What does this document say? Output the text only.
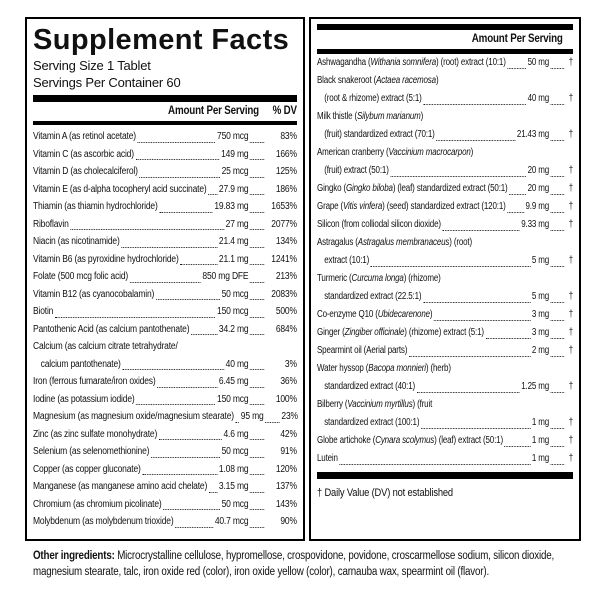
Supplement Facts
Serving Size 1 Tablet
Servings Per Container 60
Amount Per Serving % DV
Vitamin A (as retinol acetate)	750 mcg	83%
Vitamin C (as ascorbic acid)	149 mg	166%
Vitamin D (as cholecalciferol)	25 mcg	125%
Vitamin E (as d-alpha tocopheryl acid succinate) 27.9 mg	186%
Thiamin (as thiamin hydrochloride)	19.83 mg	1653%
Riboflavin	27 mg	2077%
Niacin (as nicotinamide)	21.4 mg	134%
Vitamin B6 (as pyroxidine hydrochloride)	21.1 mg	1241%
Folate (500 mcg folic acid)	850 mg DFE	213%
Vitamin B12 (as cyanocobalamin)	50 mcg	2083%
Biotin	150 mcg	500%
Pantothenic Acid (as calcium pantothenate)	34.2 mg	684%
Calcium (as calcium citrate tetrahydrate/
calcium pantothenate)	40 mg	3%
Iron (ferrous fumarate/iron oxides)	6.45 mg	36%
Iodine (as potassium iodide)	150 mcg	100%
Magnesium (as magnesium oxide/magnesium stearate) 95 mg 23%
Zinc (as zinc sulfate monohydrate)	4.6 mg	42%
Selenium (as selenomethionine)	50 mcg	91%
Copper (as copper gluconate)	1.08 mg	120%
Manganese (as manganese amino acid chelate) 3.15 mg	137%
Chromium (as chromium picolinate)	50 mcg	143%
Molybdenum (as molybdenum trioxide)	40.7 mcg	90%
Amount Per Serving
Ashwagandha (Withania somnifera) (root) extract (10:1) 50 mg †
Black snakeroot (Actaea racemosa)
(root & rhizome) extract (5:1)	40 mg †
Milk thistle (Silybum marianum)
(fruit) standardized extract (70:1)	21.43 mg †
American cranberry (Vaccinium macrocarpon)
(fruit) extract (50:1)	20 mg †
Gingko (Gingko biloba) (leaf) standardized extract (50:1) 20 mg †
Grape (Vitis vinfera) (seed) standardized extract (120:1) 9.9 mg †
Silicon (from colliodal silicon dioxide)	9.33 mg †
Astragalus (Astragalus membranaceus) (root)
extract (10:1)	5 mg †
Turmeric (Curcuma longa) (rhizome)
standardized extract (22.5:1)	5 mg †
Co-enzyme Q10 (Ubidecarenone)	3 mg †
Ginger (Zingiber officinale) (rhizome) extract (5:1)	3 mg †
Spearmint oil (Aerial parts)	2 mg †
Water hyssop (Bacopa monnieri) (herb)
standardized extract (40:1)	1.25 mg †
Bilberry (Vaccinium myrtillus) (fruit
standardized extract (100:1)	1 mg †
Globe artichoke (Cynara scolymus) (leaf) extract (50:1)	1 mg †
Lutein	1 mg †
† Daily Value (DV) not established

Other ingredients: Microcrystalline cellulose, hypromellose, crospovidone, povidone, croscarmellose sodium, silicon dioxide, magnesium stearate, talc, iron oxide red (color), iron oxide yellow (color), carnauba wax, spearmint oil (flavor).
